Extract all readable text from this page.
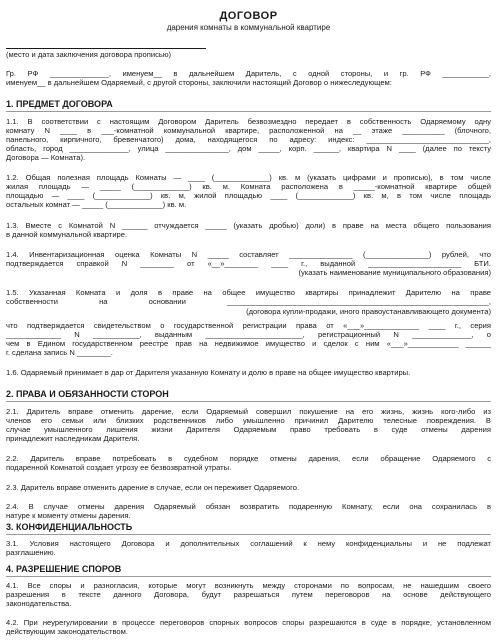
ДОГОВОР
дарения комнаты в коммунальной квартире
(место и дата заключения договора прописью)
Гр. РФ ______________, именуем__ в дальнейшем Даритель, с одной стороны, и гр. РФ ___________,
именуем__ в дальнейшем Одаряемый, с другой стороны, заключили настоящий Договор о нижеследующем:
1. ПРЕДМЕТ ДОГОВОРА
1.1. В соответствии с настоящим Договором Даритель безвозмездно передает в собственность Одаряемому одну
комнату N ____ в ___-комнатной коммунальной квартире, расположенной на __ этаже __________ (блочного,
панельного, кирпичного, бревенчатого) дома, находящегося по адресу: индекс: _____________________________,
область, город ______________, улица _______________, дом _____, корп. ______, квартира N ____ (далее по тексту
Договора — Комната).
1.2. Общая полезная площадь Комнаты — ____ (_____________) кв. м (указать цифрами и прописью), в том числе
жилая площадь — _____ (_____________) кв. м. Комната расположена в _____-комнатной квартире общей
площадью — ____ (_____________) кв. м, жилой площадью ____ (_____________) кв. м, в том числе площадь
остальных комнат — _____ (_____________) кв. м.
1.3. Вместе с Комнатой N ______ отчуждается _____ (указать дробью) доли) в праве на места общего пользования
в данной коммунальной квартире.
1.4. Инвентаризационная оценка Комнаты N _____ составляет _______________ (_______________) рублей, что
подтверждается справкой N ________ от «__»________ ____ г., выданной ______________________ БТИ.
(указать наименование муниципального образования)
1.5. Указанная Комната и доля в праве на общее имущество квартиры принадлежит Дарителю на праве
собственности на основании ______________________________________________________________,
(договора купли-продажи, иного правоустанавливающего документа)
что подтверждается свидетельством о государственной регистрации права от «___»_____________ ____ г., серия
_____________ N ___________, выданным _______________________, регистрационный N ______________, о
чем в Едином государственном реестре прав на недвижимое имущество и сделок с ним «___»____________ ______
г. сделана запись N ________.
1.6. Одаряемый принимает в дар от Дарителя указанную Комнату и долю в праве на общее имущество квартиры.
2. ПРАВА И ОБЯЗАННОСТИ СТОРОН
2.1. Даритель вправе отменить дарение, если Одаряемый совершил покушение на его жизнь, жизнь кого-либо из
членов его семьи или близких родственников либо умышленно причинил Дарителю телесные повреждения. В
случае умышленного лишения жизни Дарителя Одаряемым право требовать в суде отмены дарения
принадлежит наследникам Дарителя.
2.2. Даритель вправе потребовать в судебном порядке отмены дарения, если обращение Одаряемого с
подаренной Комнатой создает угрозу ее безвозвратной утраты.
2.3. Даритель вправе отменить дарение в случае, если он переживет Одаряемого.
2.4. В случае отмены дарения Одаряемый обязан возвратить подаренную Комнату, если она сохранилась в
натуре к моменту отмены дарения.
3. КОНФИДЕНЦИАЛЬНОСТЬ
3.1. Условия настоящего Договора и дополнительных соглашений к нему конфиденциальны и не подлежат
разглашению.
4. РАЗРЕШЕНИЕ СПОРОВ
4.1. Все споры и разногласия, которые могут возникнуть между сторонами по вопросам, не нашедшим своего
разрешения в тексте данного Договора, будут разрешаться путем переговоров на основе действующего
законодательства.
4.2. При неурегулировании в процессе переговоров спорных вопросов споры разрешаются в суде в порядке, установленном
действующим законодательством.
